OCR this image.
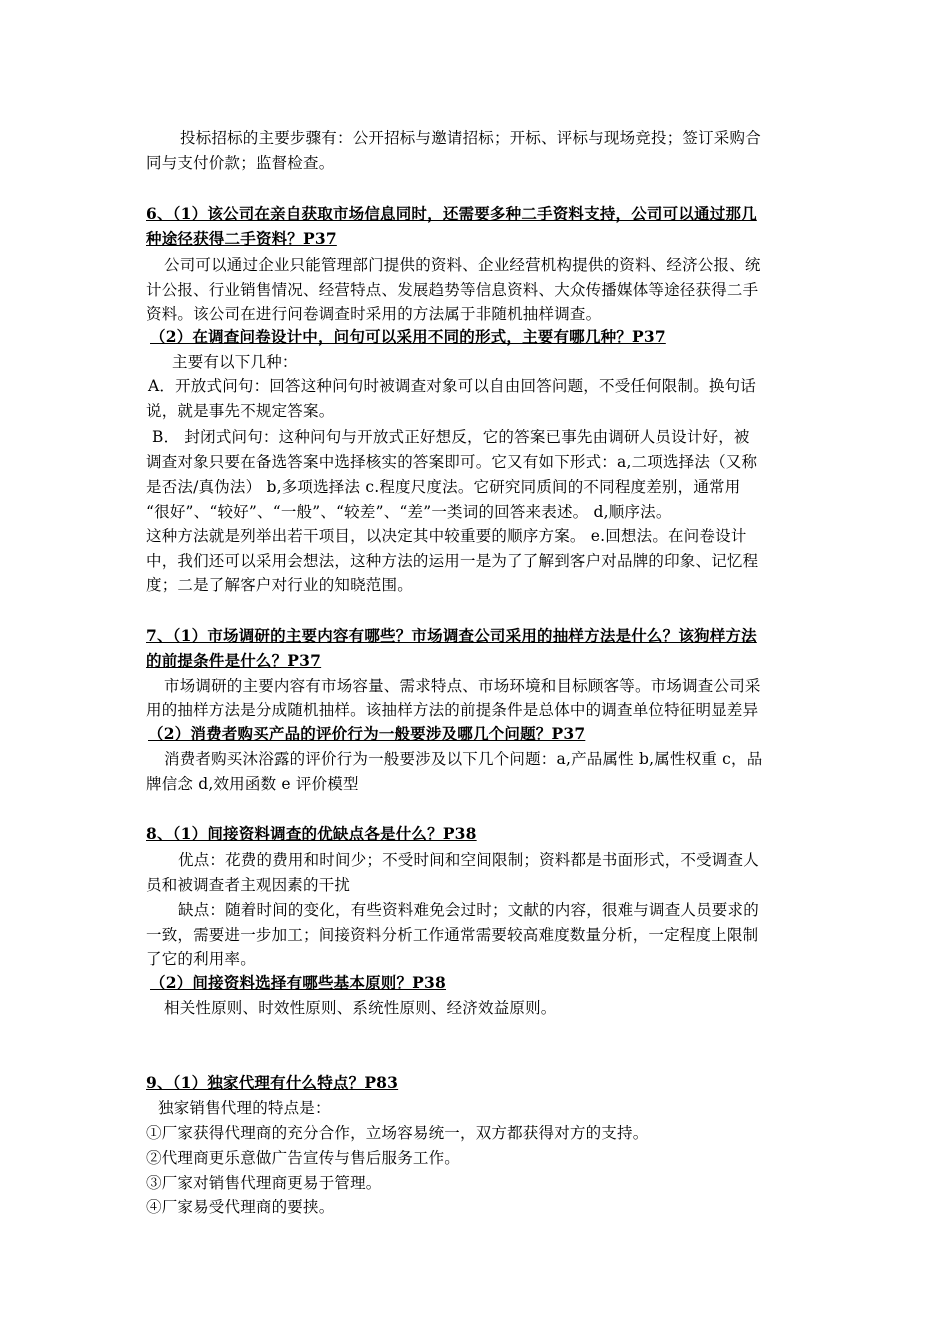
投标招标的主要步骤有：公开招标与邀请招标；开标、评标与现场竞投；签订采购合
同与支付价款；监督检查。
6、（1）该公司在亲自获取市场信息同时，还需要多种二手资料支持，公司可以通过那几
种途径获得二手资料？P37
公司可以通过企业只能管理部门提供的资料、企业经营机构提供的资料、经济公报、统
计公报、行业销售情况、经营特点、发展趋势等信息资料、大众传播媒体等途径获得二手
资料。该公司在进行问卷调查时采用的方法属于非随机抽样调查。
（2）在调查问卷设计中，问句可以采用不同的形式，主要有哪几种？P37
主要有以下几种：
A．开放式问句：回答这种问句时被调查对象可以自由回答问题，不受任何限制。换句话
说，就是事先不规定答案。
B． 封闭式问句：这种问句与开放式正好想反，它的答案已事先由调研人员设计好，被
调查对象只要在备选答案中选择核实的答案即可。它又有如下形式：a,二项选择法（又称
是否法/真伪法） b,多项选择法 c.程度尺度法。它研究同质间的不同程度差别，通常用
“很好”、“较好”、“一般”、“较差”、“差”一类词的回答来表述。 d,顺序法。
这种方法就是列举出若干项目，以决定其中较重要的顺序方案。 e.回想法。在问卷设计
中，我们还可以采用会想法，这种方法的运用一是为了了解到客户对品牌的印象、记忆程
度；二是了解客户对行业的知晓范围。
7、（1）市场调研的主要内容有哪些？市场调查公司采用的抽样方法是什么？该狗样方法
的前提条件是什么？P37
市场调研的主要内容有市场容量、需求特点、市场环境和目标顾客等。市场调查公司采
用的抽样方法是分成随机抽样。该抽样方法的前提条件是总体中的调查单位特征明显差异
（2）消费者购买产品的评价行为一般要涉及哪几个问题？P37
消费者购买沐浴露的评价行为一般要涉及以下几个问题：a,产品属性 b,属性权重 c，品
牌信念 d,效用函数 e 评价模型
8、（1）间接资料调查的优缺点各是什么？P38
优点：花费的费用和时间少；不受时间和空间限制；资料都是书面形式，不受调查人
员和被调查者主观因素的干扰
缺点：随着时间的变化，有些资料难免会过时；文献的内容，很难与调查人员要求的
一致，需要进一步加工；间接资料分析工作通常需要较高难度数量分析，一定程度上限制
了它的利用率。
（2）间接资料选择有哪些基本原则？P38
相关性原则、时效性原则、系统性原则、经济效益原则。
9、（1）独家代理有什么特点？P83
独家销售代理的特点是：
①厂家获得代理商的充分合作，立场容易统一，双方都获得对方的支持。
②代理商更乐意做广告宣传与售后服务工作。
③厂家对销售代理商更易于管理。
④厂家易受代理商的要挟。
